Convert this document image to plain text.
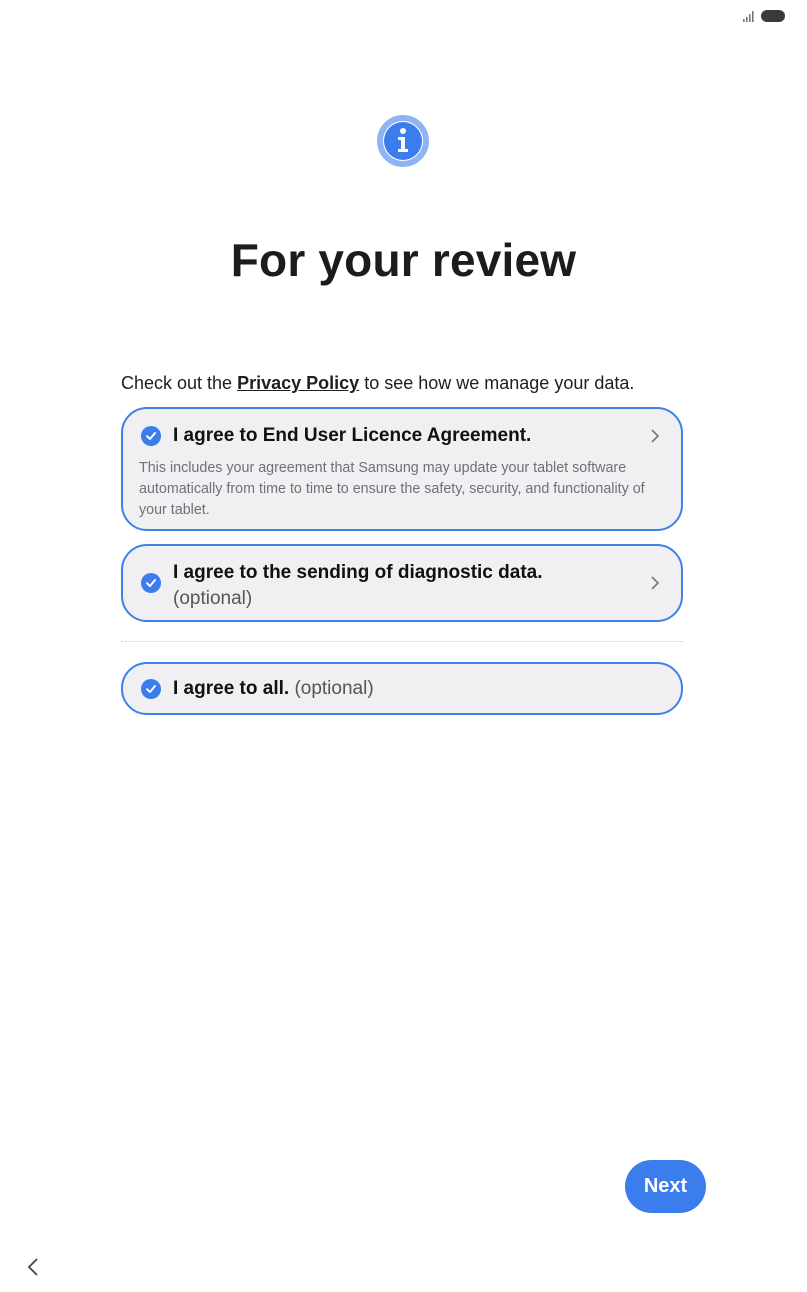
For your review
Check out the Privacy Policy to see how we manage your data.
I agree to End User Licence Agreement.
This includes your agreement that Samsung may update your tablet software automatically from time to time to ensure the safety, security, and functionality of your tablet.
I agree to the sending of diagnostic data.
(optional)
I agree to all. (optional)
Next
